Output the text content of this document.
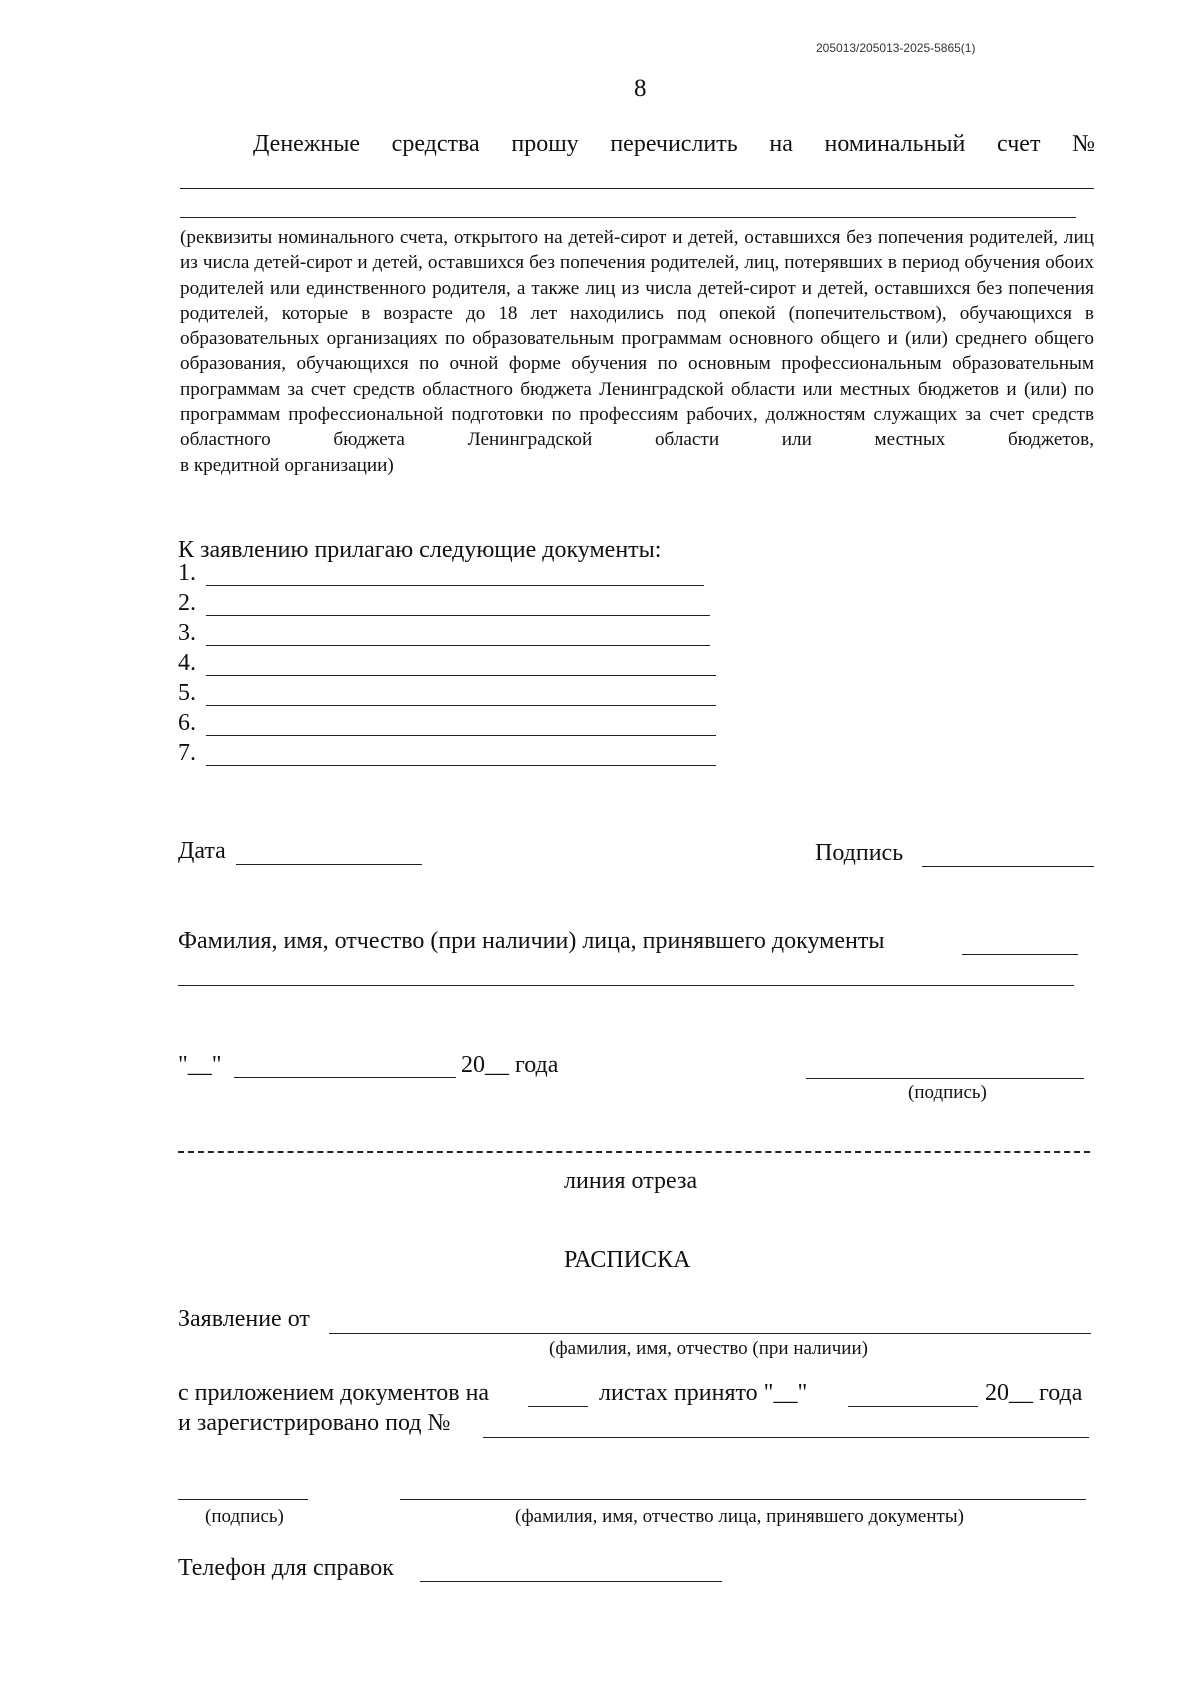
205013/205013-2025-5865(1)
8
Денежные средства прошу перечислить на номинальный счет №
(реквизиты номинального счета, открытого на детей-сирот и детей, оставшихся без попечения родителей, лиц из числа детей-сирот и детей, оставшихся без попечения родителей, лиц, потерявших в период обучения обоих родителей или единственного родителя, а также лиц из числа детей-сирот и детей, оставшихся без попечения родителей, которые в возрасте до 18 лет находились под опекой (попечительством), обучающихся в образовательных организациях по образовательным программам основного общего и (или) среднего общего образования, обучающихся по очной форме обучения по основным профессиональным образовательным программам за счет средств областного бюджета Ленинградской области или местных бюджетов и (или) по программам профессиональной подготовки по профессиям рабочих, должностям служащих за счет средств областного бюджета Ленинградской области или местных бюджетов,
в кредитной организации)
К заявлению прилагаю следующие документы:
1.
2.
3.
4.
5.
6.
7.
Дата	Подпись
Фамилия, имя, отчество (при наличии) лица, принявшего документы
"__"	20__ года
(подпись)
линия отреза
РАСПИСКА
Заявление от
(фамилия, имя, отчество (при наличии)
с приложением документов на	листах принято "__"	20__ года
и зарегистрировано под №
(подпись)	(фамилия, имя, отчество лица, принявшего документы)
Телефон для справок
